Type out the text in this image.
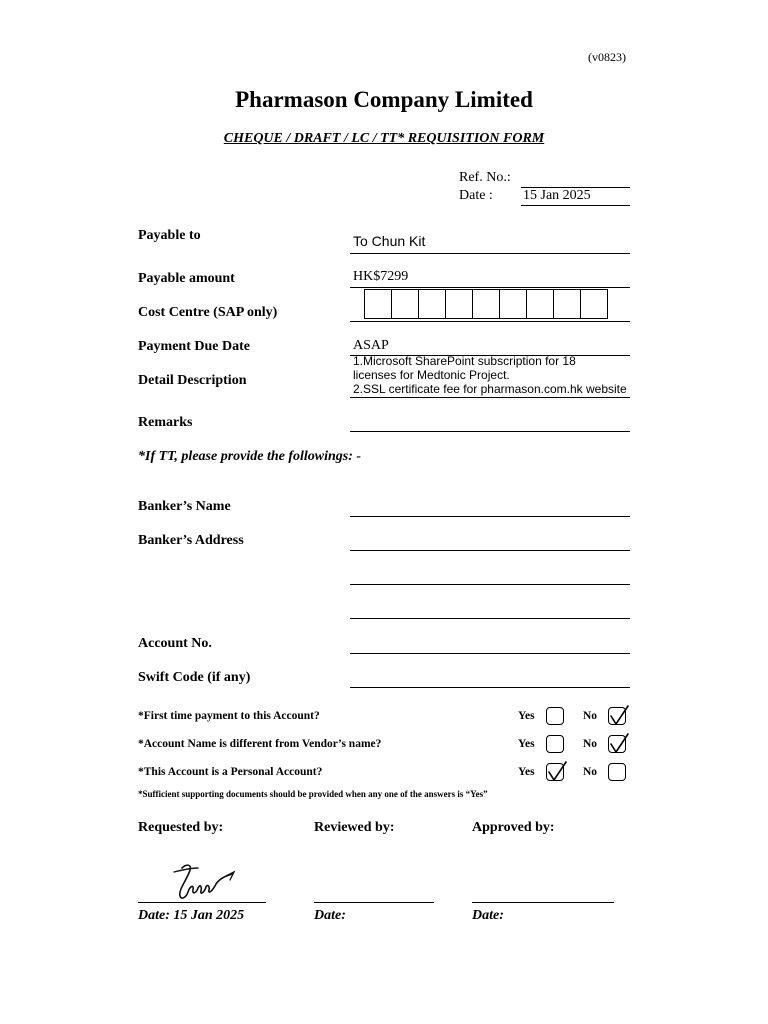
(v0823)
Pharmason Company Limited
CHEQUE / DRAFT / LC / TT* REQUISITION FORM
Ref. No.:
Date : 15 Jan 2025
Payable to	To Chun Kit
Payable amount	HK$7299
Cost Centre (SAP only)
Payment Due Date	ASAP
Detail Description
1.Microsoft SharePoint subscription for 18
licenses for Medtonic Project.
2.SSL certificate fee for pharmason.com.hk website
Remarks
*If TT, please provide the followings: -
Banker’s Name
Banker’s Address
Account No.
Swift Code (if any)
*First time payment to this Account?	Yes	No
*Account Name is different from Vendor’s name?	Yes	No
*This Account is a Personal Account?	Yes	No
*Sufficient supporting documents should be provided when any one of the answers is “Yes”
Requested by:	Reviewed by:	Approved by:
Date: 15 Jan 2025	Date:	Date:
